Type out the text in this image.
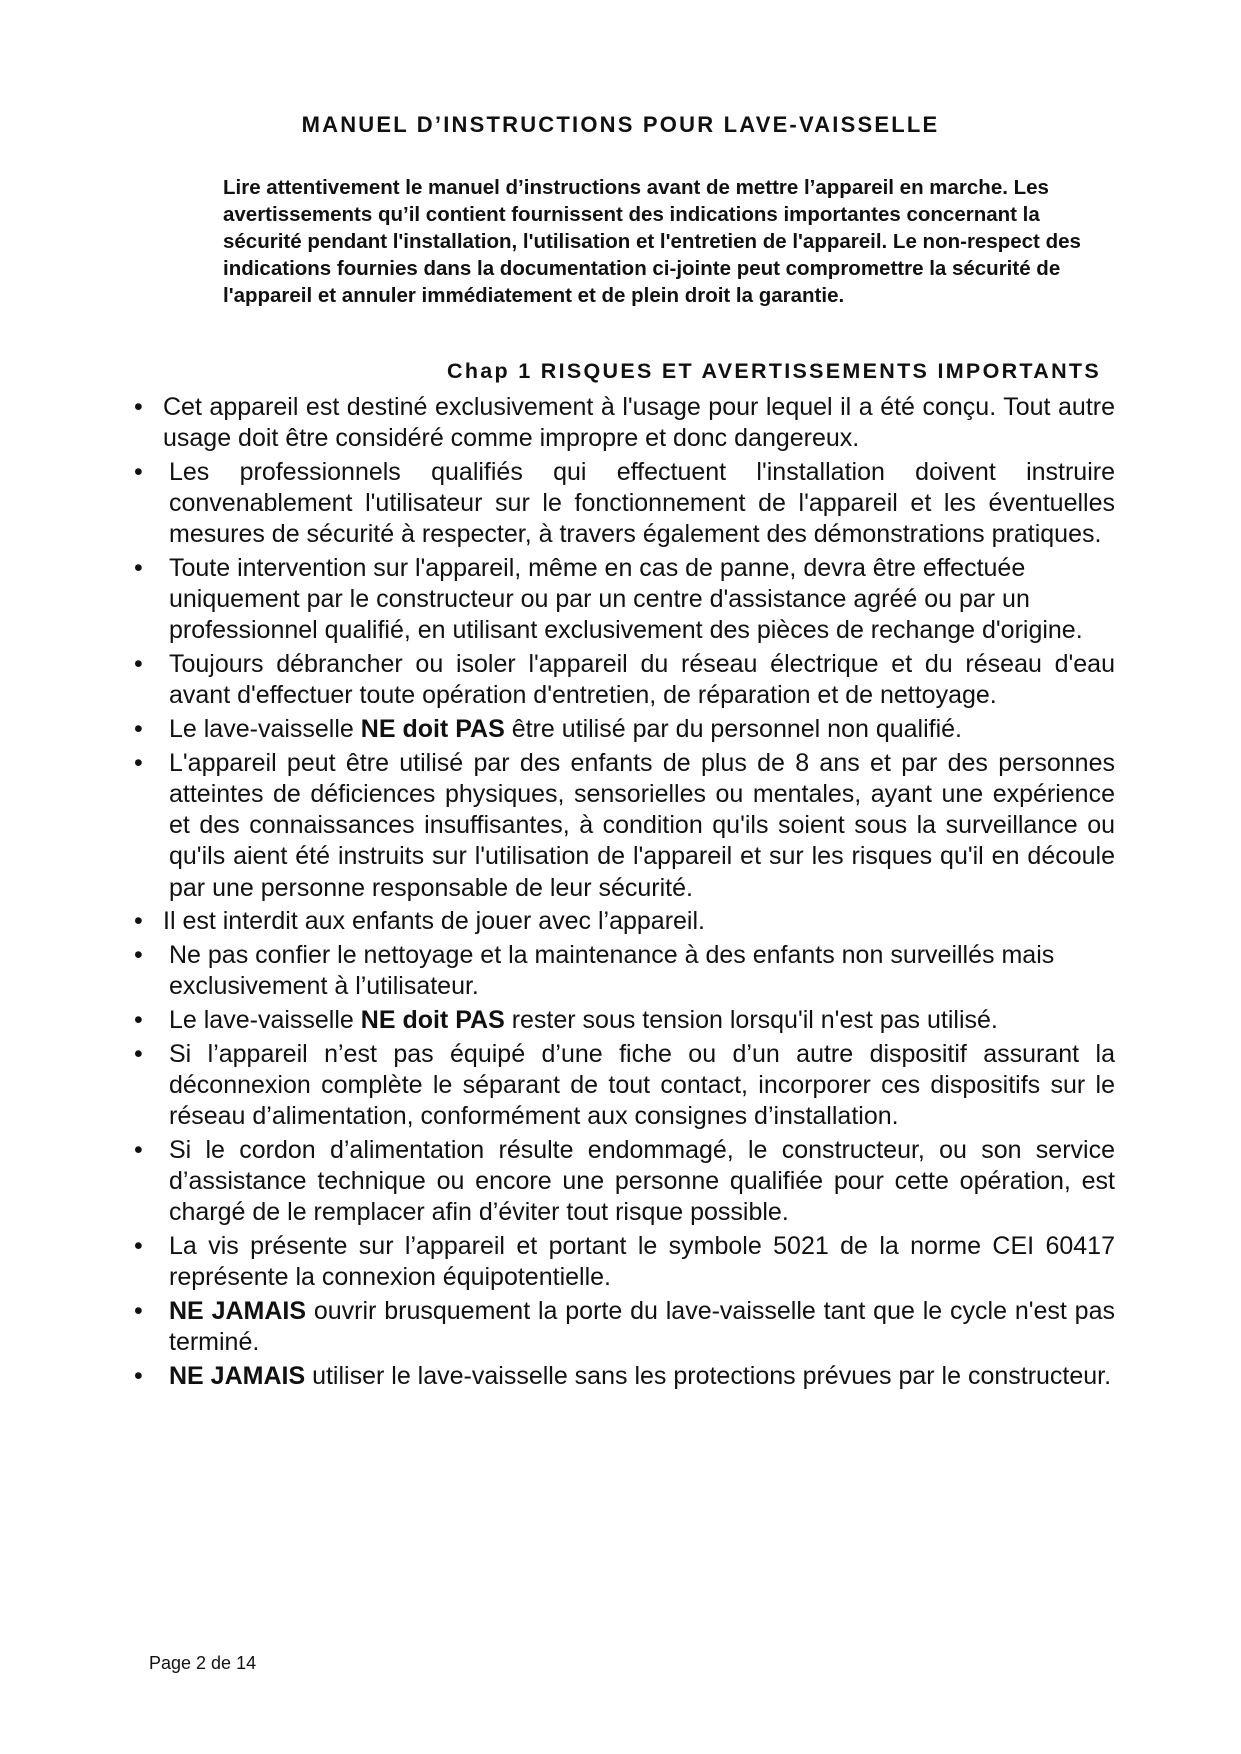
MANUEL D’INSTRUCTIONS POUR LAVE-VAISSELLE

Lire attentivement le manuel d’instructions avant de mettre l’appareil en marche. Les avertissements qu’il contient fournissent des indications importantes concernant la sécurité pendant l'installation, l'utilisation et l'entretien de l'appareil. Le non-respect des indications fournies dans la documentation ci-jointe peut compromettre la sécurité de l'appareil et annuler immédiatement et de plein droit la garantie.

Chap 1 RISQUES ET AVERTISSEMENTS IMPORTANTS
• Cet appareil est destiné exclusivement à l'usage pour lequel il a été conçu. Tout autre usage doit être considéré comme impropre et donc dangereux.
• Les professionnels qualifiés qui effectuent l'installation doivent instruire convenablement l'utilisateur sur le fonctionnement de l'appareil et les éventuelles mesures de sécurité à respecter, à travers également des démonstrations pratiques.
• Toute intervention sur l'appareil, même en cas de panne, devra être effectuée uniquement par le constructeur ou par un centre d'assistance agréé ou par un professionnel qualifié, en utilisant exclusivement des pièces de rechange d'origine.
• Toujours débrancher ou isoler l'appareil du réseau électrique et du réseau d'eau avant d'effectuer toute opération d'entretien, de réparation et de nettoyage.
• Le lave-vaisselle NE doit PAS être utilisé par du personnel non qualifié.
• L'appareil peut être utilisé par des enfants de plus de 8 ans et par des personnes atteintes de déficiences physiques, sensorielles ou mentales, ayant une expérience et des connaissances insuffisantes, à condition qu'ils soient sous la surveillance ou qu'ils aient été instruits sur l'utilisation de l'appareil et sur les risques qu'il en découle par une personne responsable de leur sécurité.
• Il est interdit aux enfants de jouer avec l’appareil.
• Ne pas confier le nettoyage et la maintenance à des enfants non surveillés mais exclusivement à l’utilisateur.
• Le lave-vaisselle NE doit PAS rester sous tension lorsqu'il n'est pas utilisé.
• Si l’appareil n’est pas équipé d’une fiche ou d’un autre dispositif assurant la déconnexion complète le séparant de tout contact, incorporer ces dispositifs sur le réseau d’alimentation, conformément aux consignes d’installation.
• Si le cordon d’alimentation résulte endommagé, le constructeur, ou son service d’assistance technique ou encore une personne qualifiée pour cette opération, est chargé de le remplacer afin d’éviter tout risque possible.
• La vis présente sur l’appareil et portant le symbole 5021 de la norme CEI 60417 représente la connexion équipotentielle.
• NE JAMAIS ouvrir brusquement la porte du lave-vaisselle tant que le cycle n'est pas terminé.
• NE JAMAIS utiliser le lave-vaisselle sans les protections prévues par le constructeur.

Page 2 de 14
